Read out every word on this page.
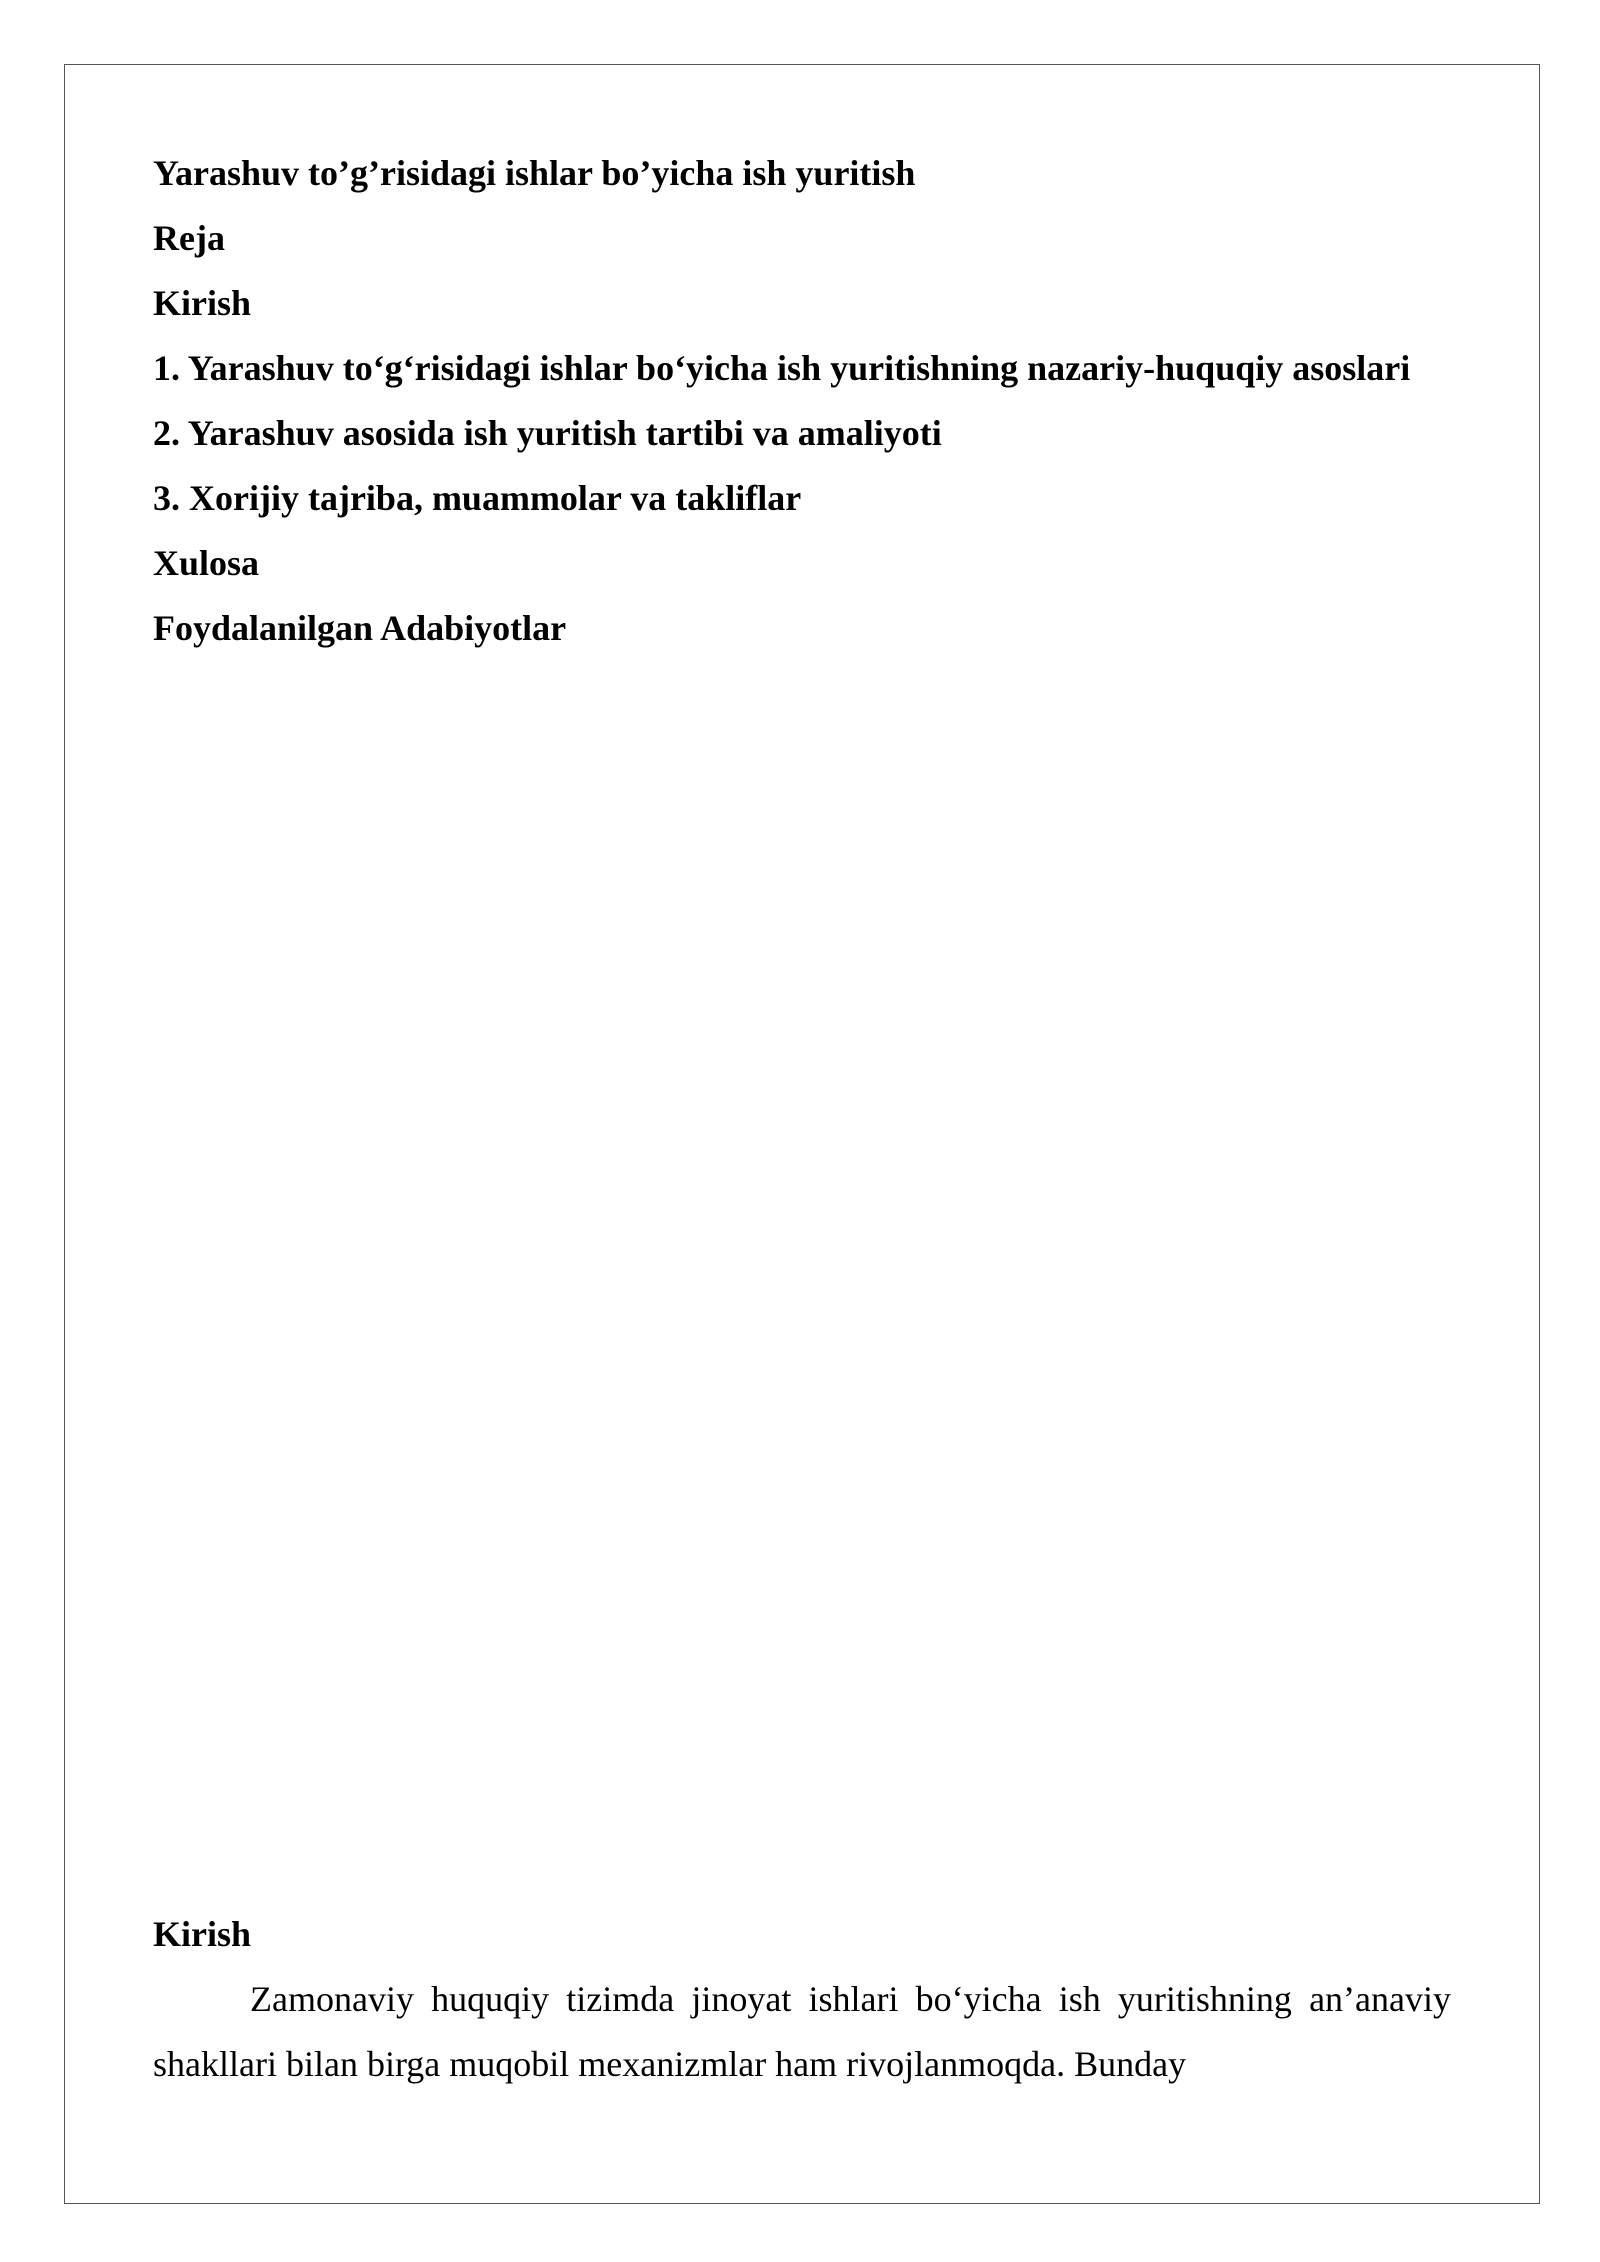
Yarashuv to’g’risidagi ishlar bo’yicha ish yuritish

Reja

Kirish

1. Yarashuv to‘g‘risidagi ishlar bo‘yicha ish yuritishning nazariy-huquqiy asoslari

2. Yarashuv asosida ish yuritish tartibi va amaliyoti

3. Xorijiy tajriba, muammolar va takliflar

Xulosa

Foydalanilgan Adabiyotlar

Kirish

Zamonaviy huquqiy tizimda jinoyat ishlari bo‘yicha ish yuritishning an’anaviy shakllari bilan birga muqobil mexanizmlar ham rivojlanmoqda. Bunday
